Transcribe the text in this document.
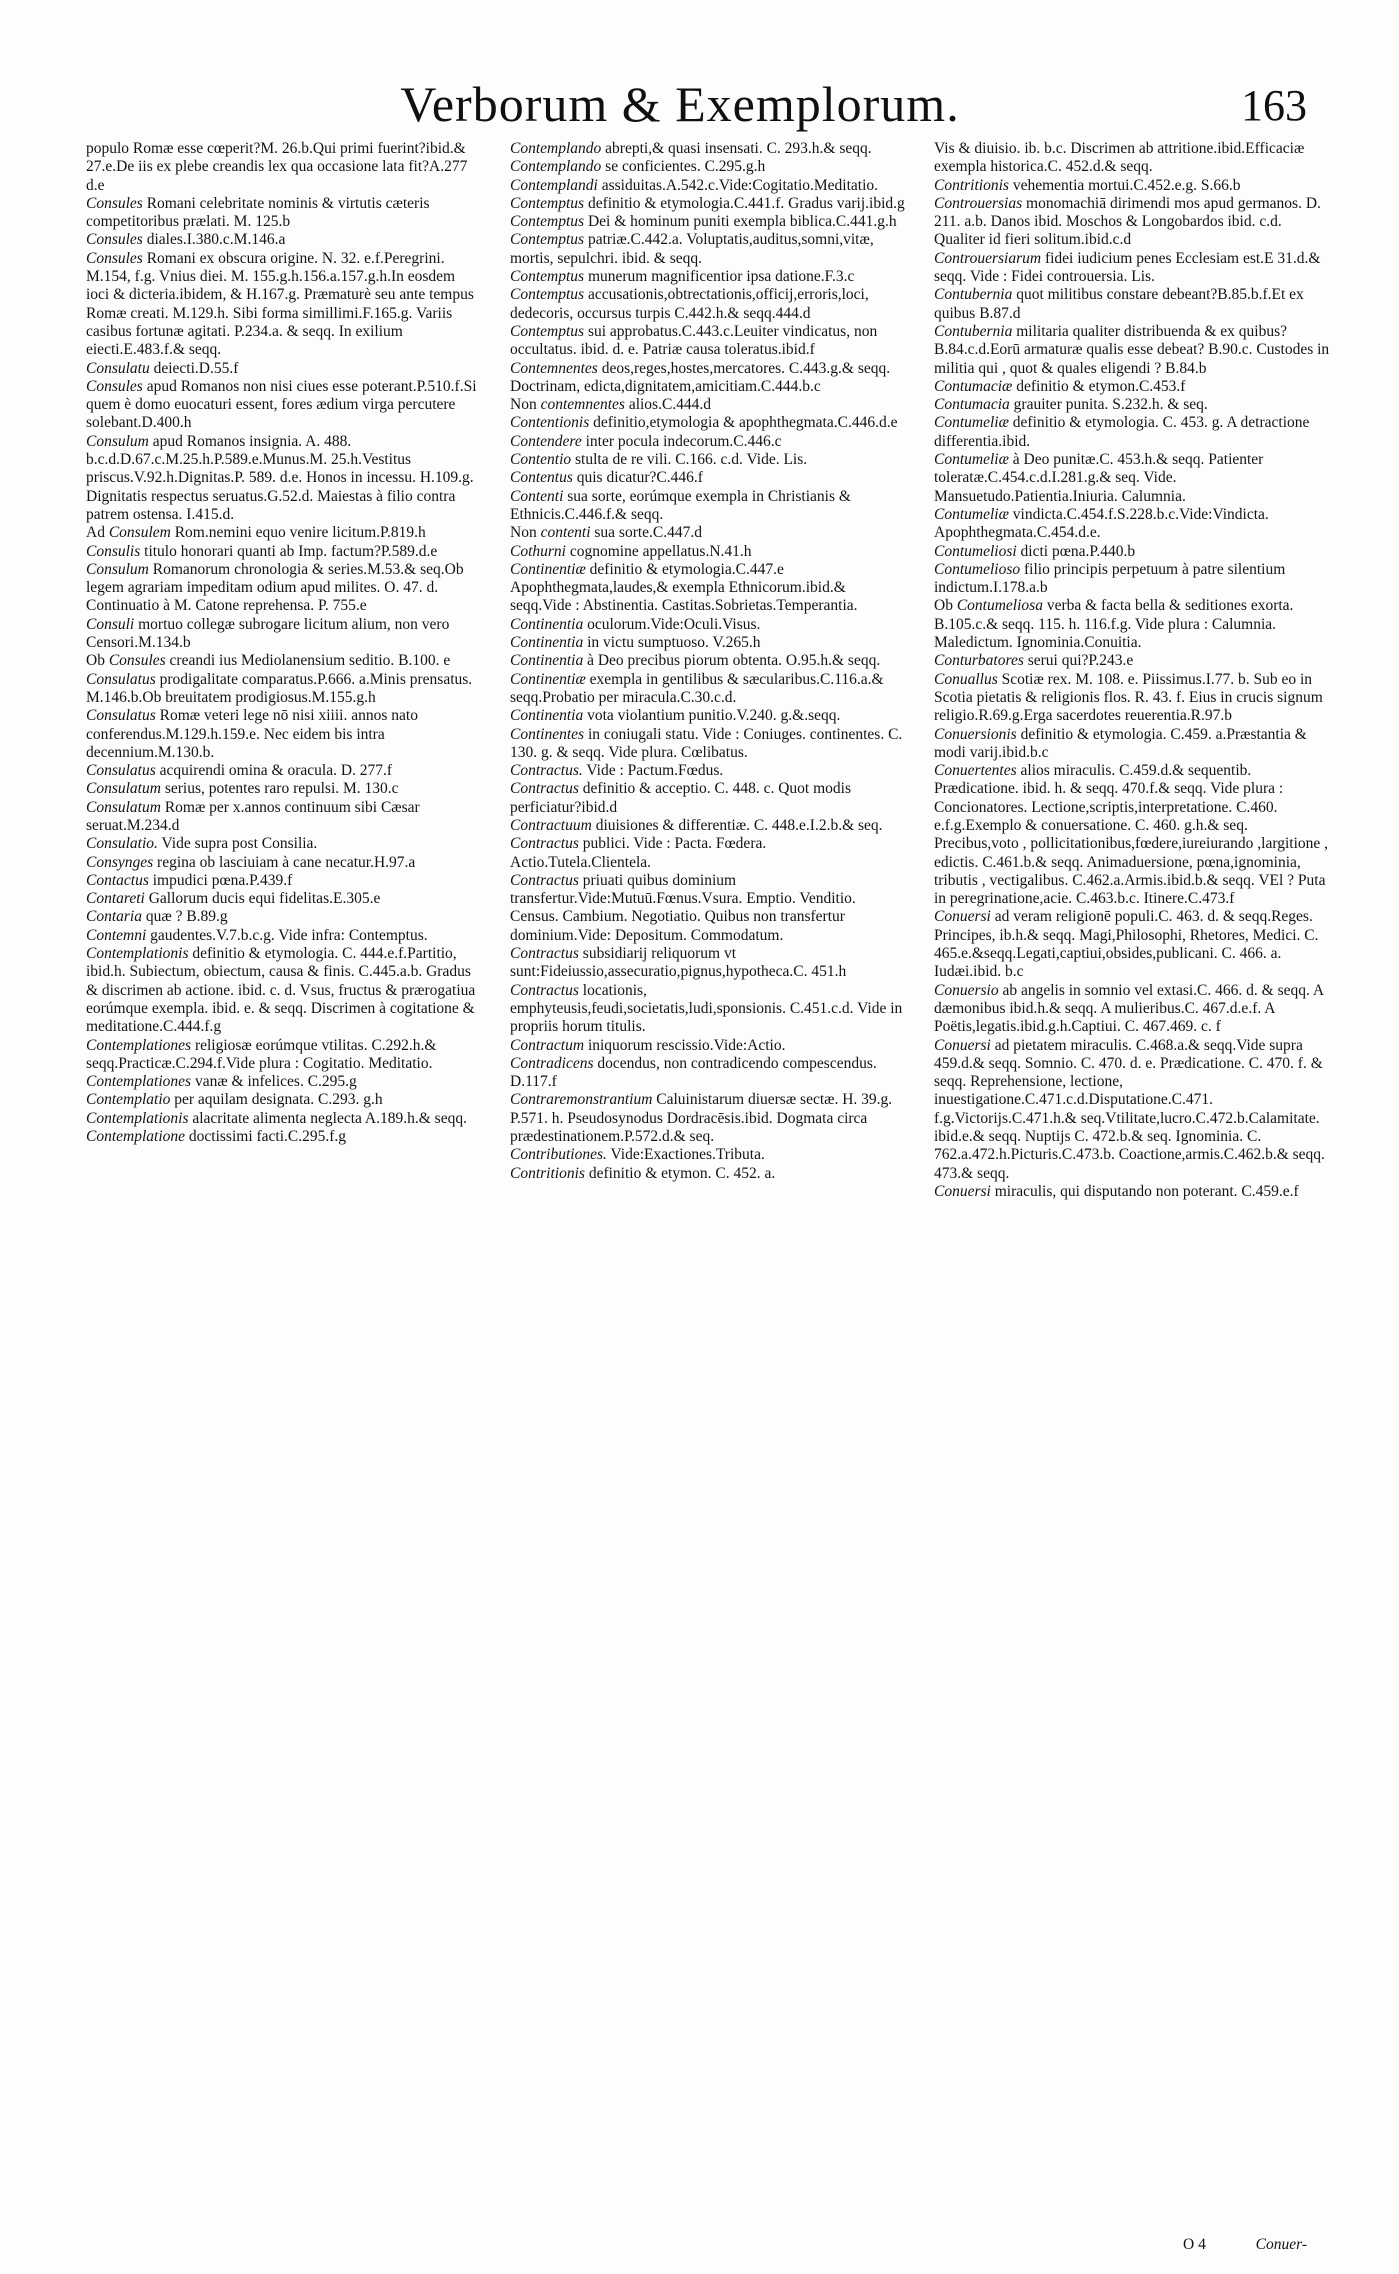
Verborum & Exemplorum.	163

populo Romæ esse cœperit?M. 26.b.Qui primi fuerint?ibid.& 27.e.De iis ex plebe creandis lex qua occasione lata fit?A.277 d.e

Consules Romani celebritate nominis & virtutis cæteris competitoribus prælati. M. 125.b

Consules diales.I.380.c.M.146.a

Consules Romani ex obscura origine. N. 32. e.f.Peregrini. M.154, f.g. Vnius diei. M. 155.g.h.156.a.157.g.h.In eosdem ioci & dicteria.ibidem, & H.167.g. Præmaturè seu ante tempus Romæ creati. M.129.h. Sibi forma simillimi.F.165.g. Variis casibus fortunæ agitati. P.234.a. & seqq. In exilium eiecti.E.483.f.& seqq.

Consulatu deiecti.D.55.f

Consules apud Romanos non nisi ciues esse poterant.P.510.f.Si quem è domo euocaturi essent, fores ædium virga percutere solebant.D.400.h

Consulum apud Romanos insignia. A. 488. b.c.d.D.67.c.M.25.h.P.589.e.Munus.M. 25.h.Vestitus priscus.V.92.h.Dignitas.P. 589. d.e. Honos in incessu. H.109.g. Dignitatis respectus seruatus.G.52.d. Maiestas à filio contra patrem ostensa. I.415.d.

Ad Consulem Rom.nemini equo venire licitum.P.819.h

Consulis titulo honorari quanti ab Imp. factum?P.589.d.e

Consulum Romanorum chronologia & series.M.53.& seq.Ob legem agrariam impeditam odium apud milites. O. 47. d. Continuatio à M. Catone reprehensa. P. 755.e

Consuli mortuo collegæ subrogare licitum alium, non vero Censori.M.134.b

Ob Consules creandi ius Mediolanensium seditio. B.100. e

Consulatus prodigalitate comparatus.P.666. a.Minis prensatus. M.146.b.Ob breuitatem prodigiosus.M.155.g.h

Consulatus Romæ veteri lege nō nisi xiiii. annos nato conferendus.M.129.h.159.e. Nec eidem bis intra decennium.M.130.b.

Consulatus acquirendi omina & oracula. D. 277.f

Consulatum serius, potentes raro repulsi. M. 130.c

Consulatum Romæ per x.annos continuum sibi Cæsar seruat.M.234.d

Consulatio. Vide supra post Consilia.

Consynges regina ob lasciuiam à cane necatur.H.97.a

Contactus impudici pœna.P.439.f

Contareti Gallorum ducis equi fidelitas.E.305.e

Contaria quæ ? B.89.g

Contemni gaudentes.V.7.b.c.g. Vide infra: Contemptus.

Contemplationis definitio & etymologia. C. 444.e.f.Partitio, ibid.h. Subiectum, obiectum, causa & finis. C.445.a.b. Gradus & discrimen ab actione. ibid. c. d. Vsus, fructus & prærogatiua eorúmque exempla. ibid. e. & seqq. Discrimen à cogitatione & meditatione.C.444.f.g

Contemplationes religiosæ eorúmque vtilitas. C.292.h.& seqq.Practicæ.C.294.f.Vide plura : Cogitatio. Meditatio.

Contemplationes vanæ & infelices. C.295.g

Contemplatio per aquilam designata. C.293. g.h

Contemplationis alacritate alimenta neglecta A.189.h.& seqq.

Contemplatione doctissimi facti.C.295.f.g

Contemplando abrepti,& quasi insensati. C. 293.h.& seqq.

Contemplando se conficientes. C.295.g.h

Contemplandi assiduitas.A.542.c.Vide:Cogitatio.Meditatio.

Contemptus definitio & etymologia.C.441.f. Gradus varij.ibid.g

Contemptus Dei & hominum puniti exempla biblica.C.441.g.h

Contemptus patriæ.C.442.a. Voluptatis,auditus,somni,vitæ, mortis, sepulchri. ibid. & seqq.

Contemptus munerum magnificentior ipsa datione.F.3.c

Contemptus accusationis,obtrectationis,officij,erroris,loci, dedecoris, occursus turpis C.442.h.& seqq.444.d

Contemptus sui approbatus.C.443.c.Leuiter vindicatus, non occultatus. ibid. d. e. Patriæ causa toleratus.ibid.f

Contemnentes deos,reges,hostes,mercatores. C.443.g.& seqq. Doctrinam, edicta,dignitatem,amicitiam.C.444.b.c

Non contemnentes alios.C.444.d

Contentionis definitio,etymologia & apophthegmata.C.446.d.e

Contendere inter pocula indecorum.C.446.c

Contentio stulta de re vili. C.166. c.d. Vide. Lis.

Contentus quis dicatur?C.446.f

Contenti sua sorte, eorúmque exempla in Christianis & Ethnicis.C.446.f.& seqq.

Non contenti sua sorte.C.447.d

Cothurni cognomine appellatus.N.41.h

Continentiæ definitio & etymologia.C.447.e Apophthegmata,laudes,& exempla Ethnicorum.ibid.& seqq.Vide : Abstinentia. Castitas.Sobrietas.Temperantia.

Continentia oculorum.Vide:Oculi.Visus.

Continentia in victu sumptuoso. V.265.h

Continentia à Deo precibus piorum obtenta. O.95.h.& seqq.

Continentiæ exempla in gentilibus & sæcularibus.C.116.a.& seqq.Probatio per miracula.C.30.c.d.

Continentia vota violantium punitio.V.240. g.&.seqq.

Continentes in coniugali statu. Vide : Coniuges. continentes. C. 130. g. & seqq. Vide plura. Cœlibatus.

Contractus. Vide : Pactum.Fœdus.

Contractus definitio & acceptio. C. 448. c. Quot modis perficiatur?ibid.d

Contractuum diuisiones & differentiæ. C. 448.e.I.2.b.& seq.

Contractus publici. Vide : Pacta. Fœdera. Actio.Tutela.Clientela.

Contractus priuati quibus dominium transfertur.Vide:Mutuū.Fœnus.Vsura. Emptio. Venditio. Census. Cambium. Negotiatio. Quibus non transfertur dominium.Vide: Depositum. Commodatum.

Contractus subsidiarij reliquorum vt sunt:Fideiussio,assecuratio,pignus,hypotheca.C. 451.h

Contractus locationis, emphyteusis,feudi,societatis,ludi,sponsionis. C.451.c.d. Vide in propriis horum titulis.

Contractum iniquorum rescissio.Vide:Actio.

Contradicens docendus, non contradicendo compescendus. D.117.f

Contraremonstrantium Caluinistarum diuersæ sectæ. H. 39.g. P.571. h. Pseudosynodus Dordracēsis.ibid. Dogmata circa prædestinationem.P.572.d.& seq.

Contributiones. Vide:Exactiones.Tributa.

Contritionis definitio & etymon. C. 452. a.

Vis & diuisio. ib. b.c. Discrimen ab attritione.ibid.Efficaciæ exempla historica.C. 452.d.& seqq.

Contritionis vehementia mortui.C.452.e.g. S.66.b

Controuersias monomachiā dirimendi mos apud germanos. D. 211. a.b. Danos ibid. Moschos & Longobardos ibid. c.d. Qualiter id fieri solitum.ibid.c.d

Controuersiarum fidei iudicium penes Ecclesiam est.E 31.d.& seqq. Vide : Fidei controuersia. Lis.

Contubernia quot militibus constare debeant?B.85.b.f.Et ex quibus B.87.d

Contubernia militaria qualiter distribuenda & ex quibus?B.84.c.d.Eorū armaturæ qualis esse debeat? B.90.c. Custodes in militia qui , quot & quales eligendi ? B.84.b

Contumaciæ definitio & etymon.C.453.f

Contumacia grauiter punita. S.232.h. & seq.

Contumeliæ definitio & etymologia. C. 453. g. A detractione differentia.ibid.

Contumeliæ à Deo punitæ.C. 453.h.& seqq. Patienter toleratæ.C.454.c.d.I.281.g.& seq. Vide. Mansuetudo.Patientia.Iniuria. Calumnia.

Contumeliæ vindicta.C.454.f.S.228.b.c.Vide:Vindicta. Apophthegmata.C.454.d.e.

Contumeliosi dicti pœna.P.440.b

Contumelioso filio principis perpetuum à patre silentium indictum.I.178.a.b

Ob Contumeliosa verba & facta bella & seditiones exorta. B.105.c.& seqq. 115. h. 116.f.g. Vide plura : Calumnia. Maledictum. Ignominia.Conuitia.

Conturbatores serui qui?P.243.e

Conuallus Scotiæ rex. M. 108. e. Piissimus.I.77. b. Sub eo in Scotia pietatis & religionis flos. R. 43. f. Eius in crucis signum religio.R.69.g.Erga sacerdotes reuerentia.R.97.b

Conuersionis definitio & etymologia. C.459. a.Præstantia & modi varij.ibid.b.c

Conuertentes alios miraculis. C.459.d.& sequentib. Prædicatione. ibid. h. & seqq. 470.f.& seqq. Vide plura : Concionatores. Lectione,scriptis,interpretatione. C.460. e.f.g.Exemplo & conuersatione. C. 460. g.h.& seq. Precibus,voto , pollicitationibus,fœdere,iureiurando ,largitione , edictis. C.461.b.& seqq. Animaduersione, pœna,ignominia, tributis , vectigalibus. C.462.a.Armis.ibid.b.& seqq. VEl ? Puta in peregrinatione,acie. C.463.b.c. Itinere.C.473.f

Conuersi ad veram religionē populi.C. 463. d. & seqq.Reges. Principes, ib.h.& seqq. Magi,Philosophi, Rhetores, Medici. C. 465.e.&seqq.Legati,captiui,obsides,publicani. C. 466. a. Iudæi.ibid. b.c

Conuersio ab angelis in somnio vel extasi.C. 466. d. & seqq. A dæmonibus ibid.h.& seqq. A mulieribus.C. 467.d.e.f. A Poëtis,legatis.ibid.g.h.Captiui. C. 467.469. c. f

Conuersi ad pietatem miraculis. C.468.a.& seqq.Vide supra 459.d.& seqq. Somnio. C. 470. d. e. Prædicatione. C. 470. f. & seqq. Reprehensione, lectione, inuestigatione.C.471.c.d.Disputatione.C.471. f.g.Victorijs.C.471.h.& seq.Vtilitate,lucro.C.472.b.Calamitate. ibid.e.& seqq. Nuptijs C. 472.b.& seq. Ignominia. C. 762.a.472.h.Picturis.C.473.b. Coactione,armis.C.462.b.& seqq. 473.& seqq.

Conuersi miraculis, qui disputando non poterant. C.459.e.f

O 4	Conuer-
